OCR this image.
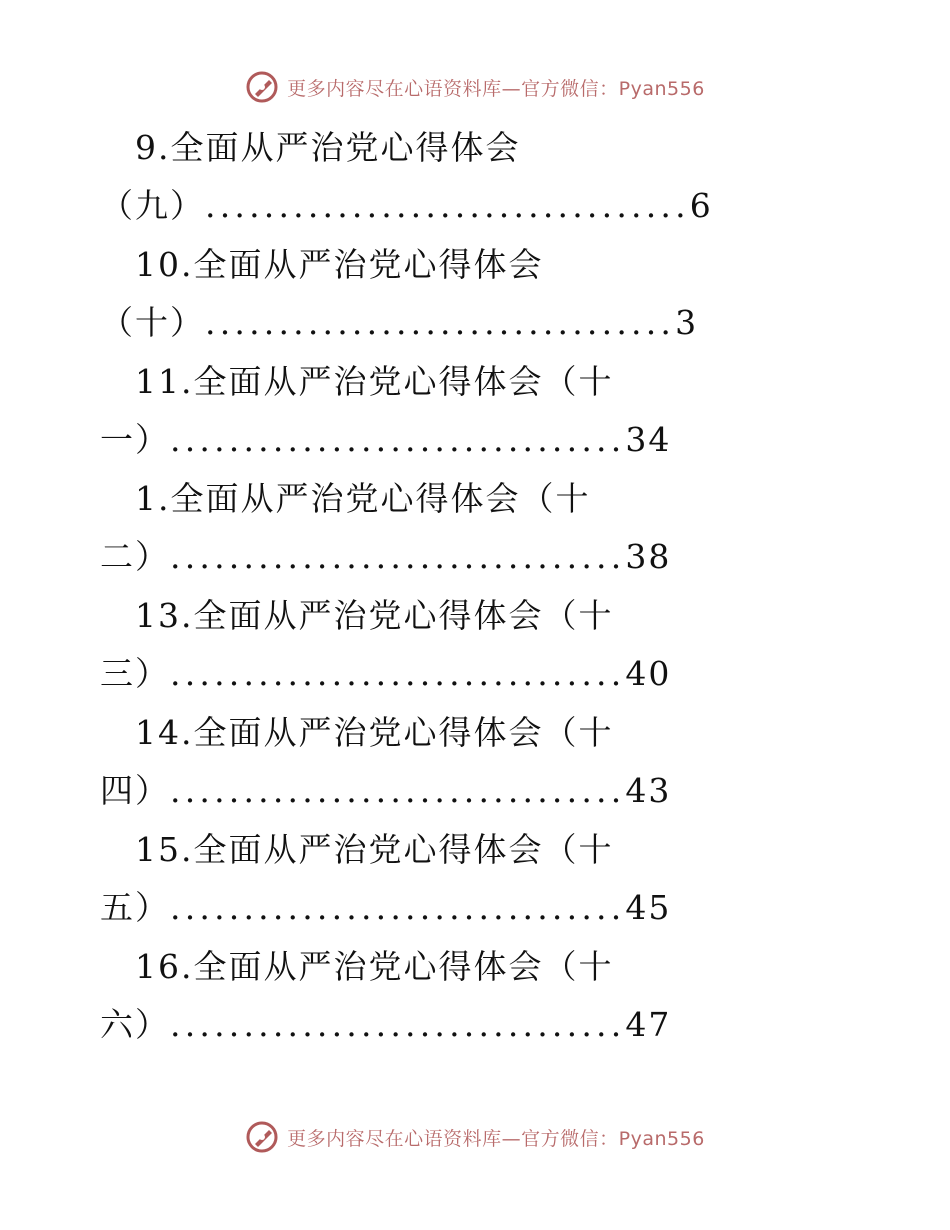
更多内容尽在心语资料库—官方微信：Pyan556
9.全面从严治党心得体会
（九）.................................6
10.全面从严治党心得体会
（十）................................3
11.全面从严治党心得体会（十
一）...............................34
1.全面从严治党心得体会（十
二）...............................38
13.全面从严治党心得体会（十
三）...............................40
14.全面从严治党心得体会（十
四）...............................43
15.全面从严治党心得体会（十
五）...............................45
16.全面从严治党心得体会（十
六）...............................47
更多内容尽在心语资料库—官方微信：Pyan556
